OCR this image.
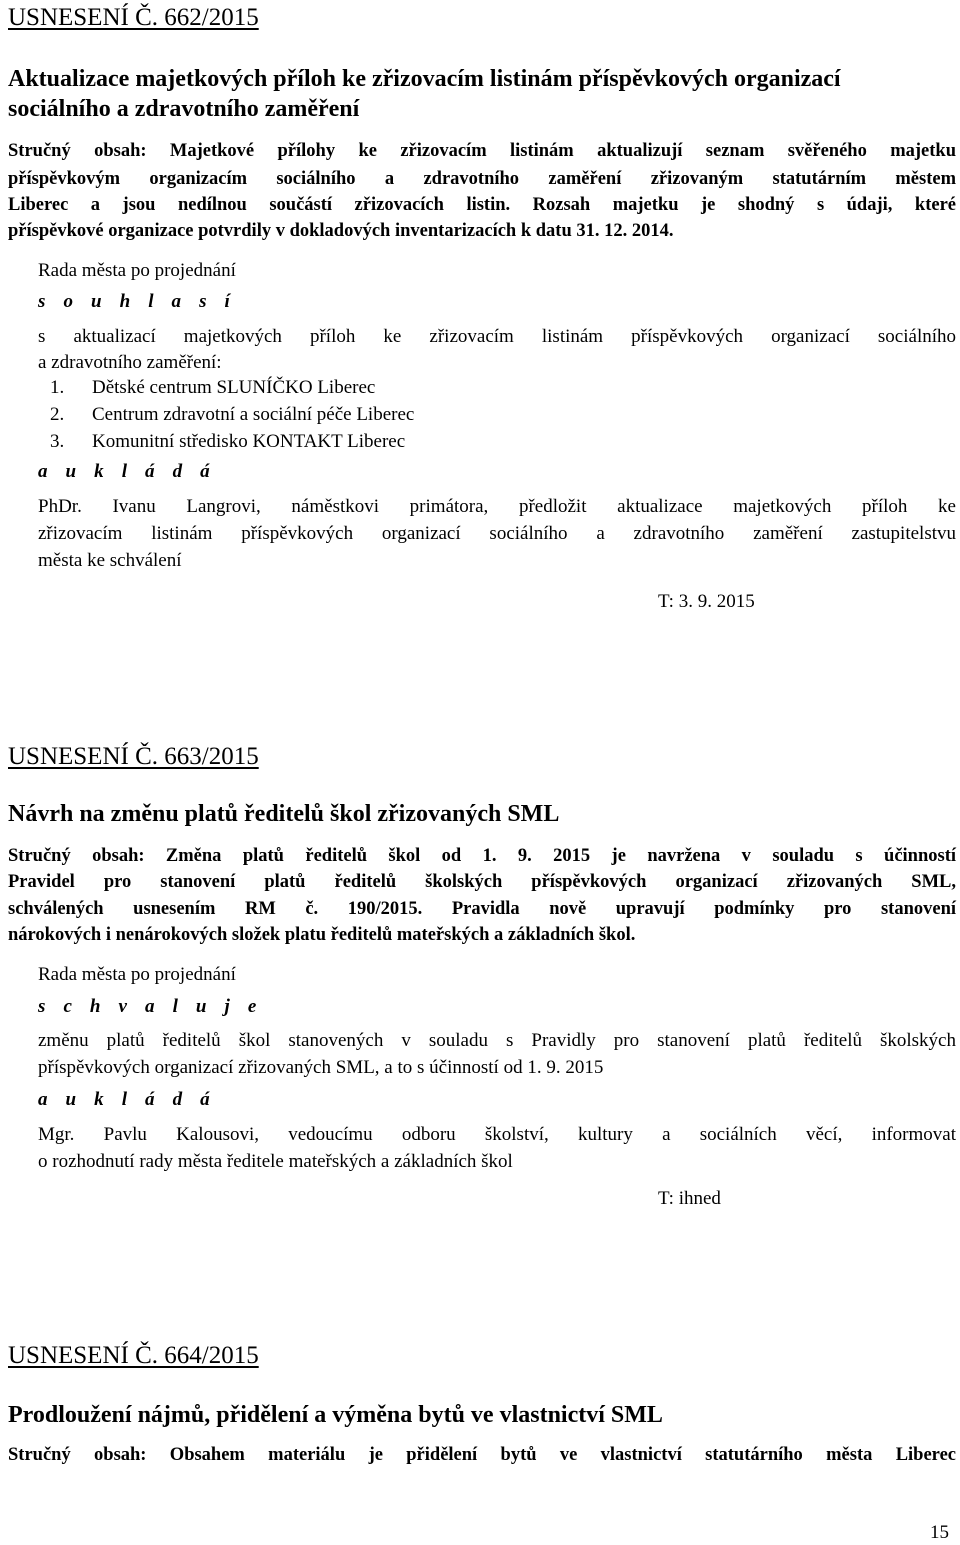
USNESENÍ Č. 662/2015
Aktualizace majetkových příloh ke zřizovacím listinám příspěvkových organizací
sociálního a zdravotního zaměření
Stručný obsah: Majetkové přílohy ke zřizovacím listinám aktualizují seznam svěřeného majetku
příspěvkovým organizacím sociálního a zdravotního zaměření zřizovaným statutárním městem
Liberec a jsou nedílnou součástí zřizovacích listin. Rozsah majetku je shodný s údaji, které
příspěvkové organizace potvrdily v dokladových inventarizacích k datu 31. 12. 2014.
Rada města po projednání
s o u h l a s í
s aktualizací majetkových příloh ke zřizovacím listinám příspěvkových organizací sociálního
a zdravotního zaměření:
1. Dětské centrum SLUNÍČKO Liberec
2. Centrum zdravotní a sociální péče Liberec
3. Komunitní středisko KONTAKT Liberec
a u k l á d á
PhDr. Ivanu Langrovi, náměstkovi primátora, předložit aktualizace majetkových příloh ke
zřizovacím listinám příspěvkových organizací sociálního a zdravotního zaměření zastupitelstvu
města ke schválení
T: 3. 9. 2015
USNESENÍ Č. 663/2015
Návrh na změnu platů ředitelů škol zřizovaných SML
Stručný obsah: Změna platů ředitelů škol od 1. 9. 2015 je navržena v souladu s účinností
Pravidel pro stanovení platů ředitelů školských příspěvkových organizací zřizovaných SML,
schválených usnesením RM č. 190/2015. Pravidla nově upravují podmínky pro stanovení
nárokových i nenárokových složek platu ředitelů mateřských a základních škol.
Rada města po projednání
s c h v a l u j e
změnu platů ředitelů škol stanovených v souladu s Pravidly pro stanovení platů ředitelů školských
příspěvkových organizací zřizovaných SML, a to s účinností od 1. 9. 2015
a u k l á d á
Mgr. Pavlu Kalousovi, vedoucímu odboru školství, kultury a sociálních věcí, informovat
o rozhodnutí rady města ředitele mateřských a základních škol
T: ihned
USNESENÍ Č. 664/2015
Prodloužení nájmů, přidělení a výměna bytů ve vlastnictví SML
Stručný obsah: Obsahem materiálu je přidělení bytů ve vlastnictví statutárního města Liberec
15
